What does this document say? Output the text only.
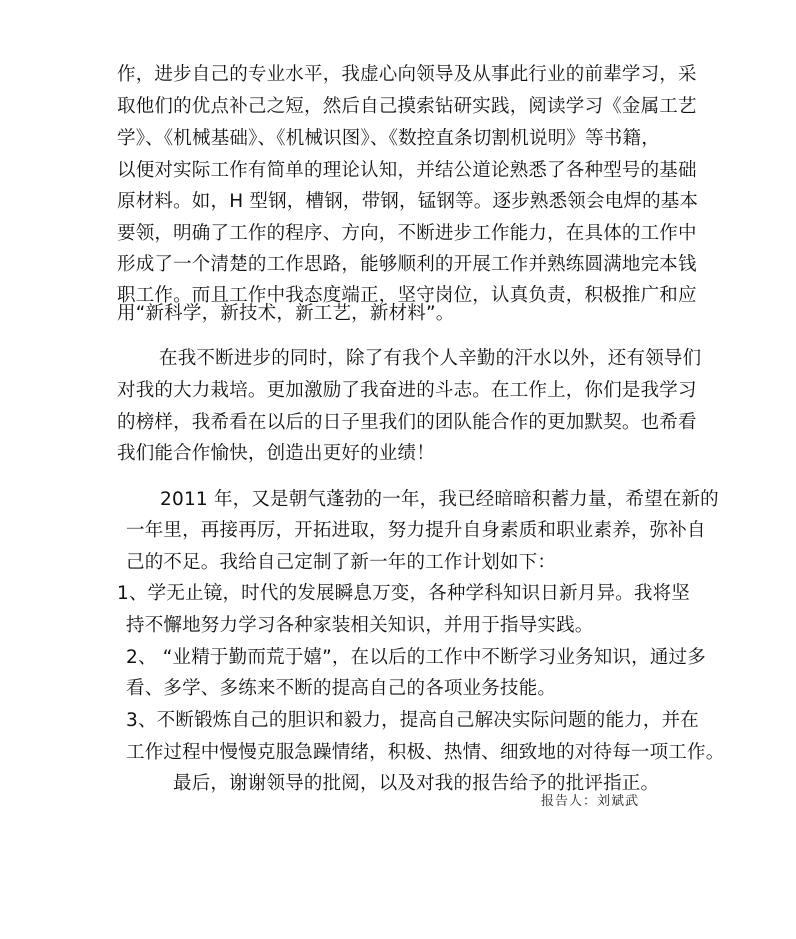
作，进步自己的专业水平，我虚心向领导及从事此行业的前辈学习，采

取他们的优点补己之短，然后自己摸索钻研实践，阅读学习《金属工艺

学》、《机械基础》、《机械识图》、《数控直条切割机说明》等书籍，

以便对实际工作有简单的理论认知，并结公道论熟悉了各种型号的基础

原材料。如，H 型钢，槽钢，带钢，锰钢等。逐步熟悉领会电焊的基本

要领，明确了工作的程序、方向，不断进步工作能力，在具体的工作中

形成了一个清楚的工作思路，能够顺利的开展工作并熟练圆满地完本钱

职工作。而且工作中我态度端正，坚守岗位，认真负责，积极推广和应

用“新科学，新技术，新工艺，新材料”。

在我不断进步的同时，除了有我个人辛勤的汗水以外，还有领导们

对我的大力栽培。更加激励了我奋进的斗志。在工作上，你们是我学习

的榜样，我希看在以后的日子里我们的团队能合作的更加默契。也希看

我们能合作愉快，创造出更好的业绩！

2011 年，又是朝气蓬勃的一年，我已经暗暗积蓄力量，希望在新的

一年里，再接再厉，开拓进取，努力提升自身素质和职业素养，弥补自

己的不足。我给自己定制了新一年的工作计划如下：

1、学无止镜，时代的发展瞬息万变，各种学科知识日新月异。我将坚

持不懈地努力学习各种家装相关知识，并用于指导实践。

2、 “业精于勤而荒于嬉”，在以后的工作中不断学习业务知识，通过多

看、多学、多练来不断的提高自己的各项业务技能。

3、不断锻炼自己的胆识和毅力，提高自己解决实际问题的能力，并在

工作过程中慢慢克服急躁情绪，积极、热情、细致地的对待每一项工作。

最后，谢谢领导的批阅，以及对我的报告给予的批评指正。

报告人：刘斌武
